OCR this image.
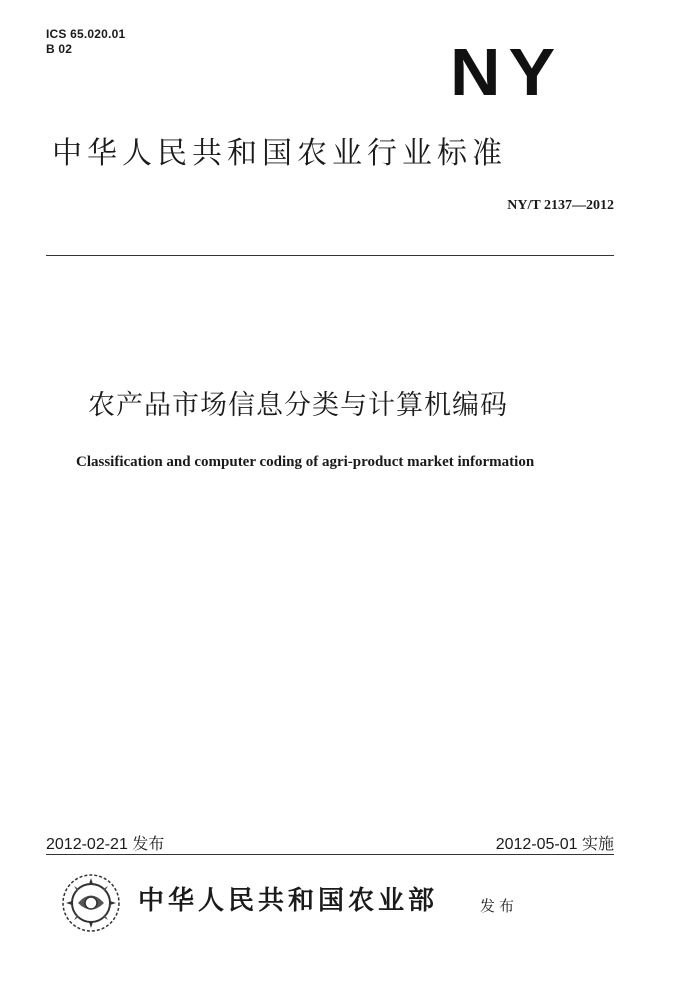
ICS 65.020.01
B 02	NY
中华人民共和国农业行业标准
NY/T 2137—2012
农产品市场信息分类与计算机编码
Classification and computer coding of agri-product market information
2012-02-21 发布	2012-05-01 实施
中华人民共和国农业部	发布
